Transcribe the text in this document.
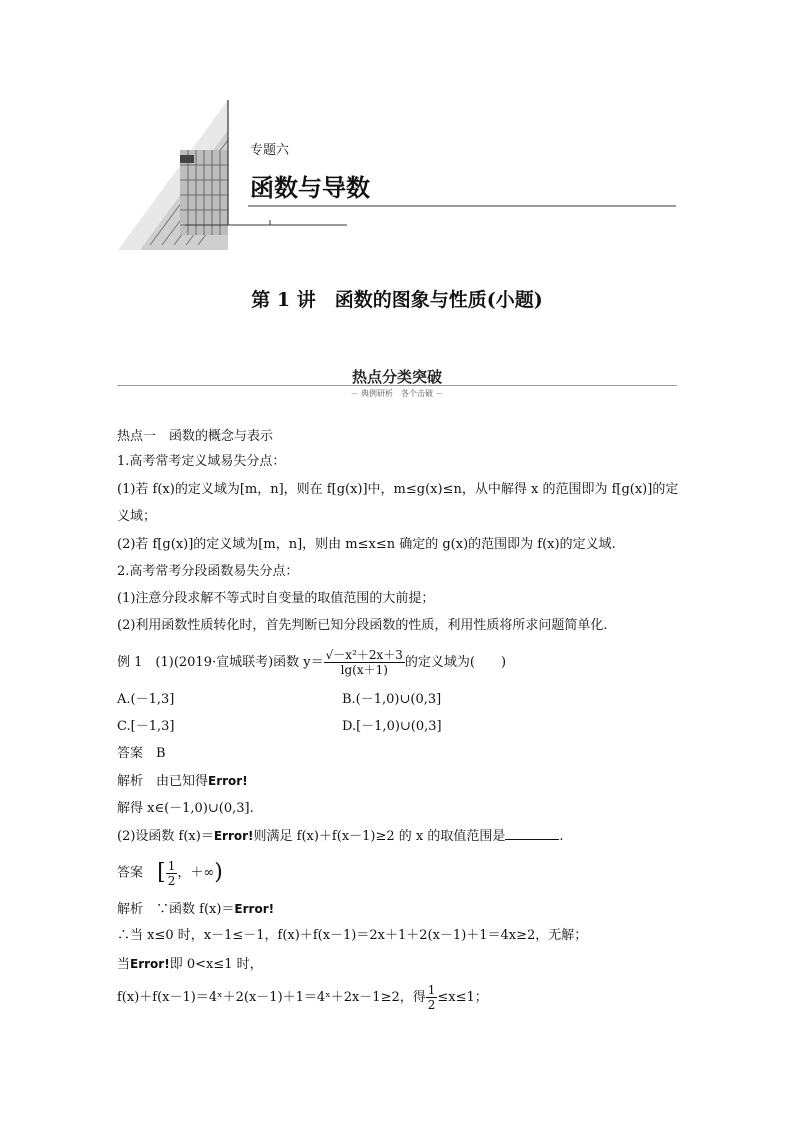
专题六
函数与导数
第 1 讲　函数的图象与性质(小题)
热点分类突破
－ 典例研析　各个击破 －
热点一　函数的概念与表示
1.高考常考定义域易失分点：
(1)若 f(x)的定义域为[m，n]，则在 f[g(x)]中，m≤g(x)≤n，从中解得 x 的范围即为 f[g(x)]的定
义域；
(2)若 f[g(x)]的定义域为[m，n]，则由 m≤x≤n 确定的 g(x)的范围即为 f(x)的定义域.
2.高考常考分段函数易失分点：
(1)注意分段求解不等式时自变量的取值范围的大前提；
(2)利用函数性质转化时，首先判断已知分段函数的性质，利用性质将所求问题简单化.
例 1　(1)(2019·宣城联考)函数 $y= \frac{\text{√－x²＋2x＋3}}{\lg(x+1)}$ 的定义域为(　　)
A.(－1,3]	B.(－1,0)∪(0,3]
C.[－1,3]	D.[－1,0)∪(0,3]
答案　B
解析　由已知得Error!
解得 x∈(－1,0)∪(0,3].
(2)设函数 f(x)＝Error!则满足 f(x)＋f(x－1)≥2 的 x 的取值范围是	.
答案 [ $\frac{1}{2}$ ，＋∞)
解析　∵函数 f(x)＝Error!
∴当 x≤0 时，x－1≤－1，f(x)＋f(x－1)＝2x＋1＋2(x－1)＋1＝4x≥2，无解；
当Error!即 0<x≤1 时，
f(x)＋f(x－1)＝4ˣ＋2(x－1)＋1＝4ˣ＋2x－1≥2，得 $\frac{1}{2} \le x\le 1$；
